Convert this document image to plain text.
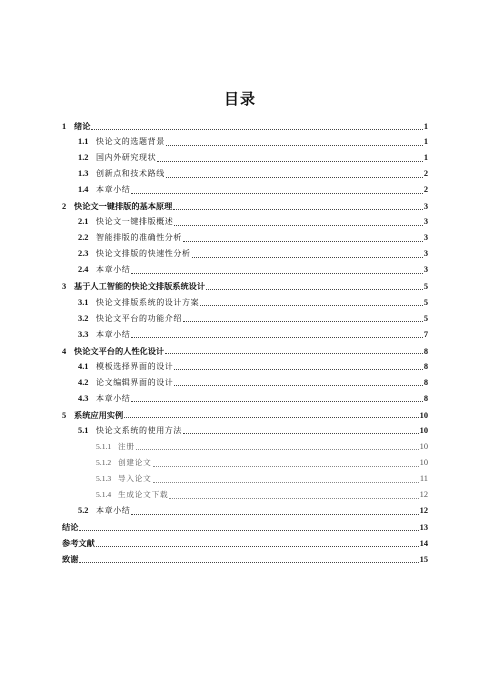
目录
1 绪论	1
1.1 快论文的选题背景	1
1.2 国内外研究现状	1
1.3 创新点和技术路线	2
1.4 本章小结	2
2 快论文一键排版的基本原理	3
2.1 快论文一键排版概述	3
2.2 智能排版的准确性分析	3
2.3 快论文排版的快速性分析	3
2.4 本章小结	3
3 基于人工智能的快论文排版系统设计	5
3.1 快论文排版系统的设计方案	5
3.2 快论文平台的功能介绍	5
3.3 本章小结	7
4 快论文平台的人性化设计	8
4.1 模板选择界面的设计	8
4.2 论文编辑界面的设计	8
4.3 本章小结	8
5 系统应用实例	10
5.1 快论文系统的使用方法	10
5.1.1 注册	10
5.1.2 创建论文	10
5.1.3 导入论文	11
5.1.4 生成论文下载	12
5.2 本章小结	12
结论	13
参考文献	14
致谢	15
